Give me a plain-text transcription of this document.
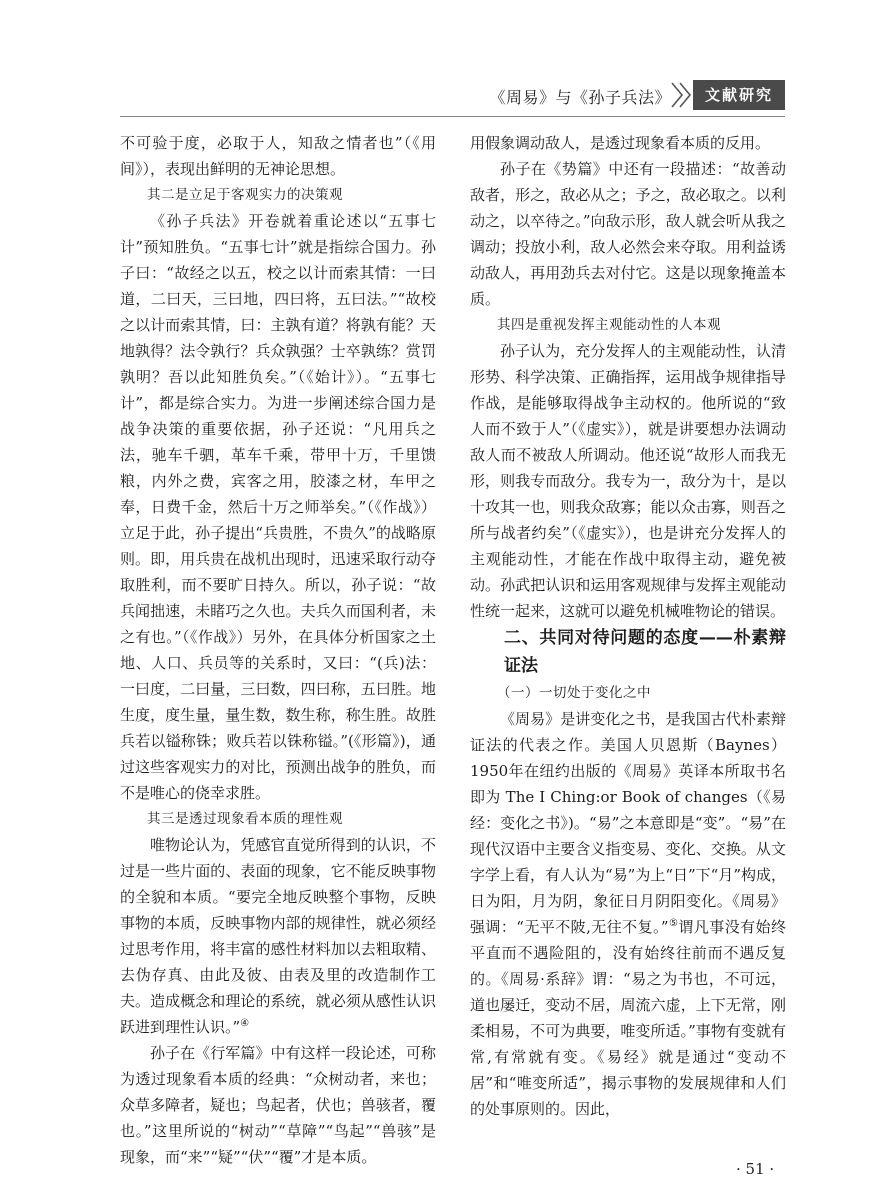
《周易》与《孙子兵法》	文献研究

不可验于度，必取于人，知敌之情者也”（《用间》），表现出鲜明的无神论思想。

其二是立足于客观实力的决策观

《孙子兵法》开卷就着重论述以“五事七计”预知胜负。“五事七计”就是指综合国力。孙子曰：“故经之以五，校之以计而索其情：一曰道，二曰天，三曰地，四曰将，五曰法。”“故校之以计而索其情，曰：主孰有道？将孰有能？天地孰得？法令孰行？兵众孰强？士卒孰练？赏罚孰明？吾以此知胜负矣。”（《始计》）。“五事七计”，都是综合实力。为进一步阐述综合国力是战争决策的重要依据，孙子还说：“凡用兵之法，驰车千驷，革车千乘，带甲十万，千里馈粮，内外之费，宾客之用，胶漆之材，车甲之奉，日费千金，然后十万之师举矣。”（《作战》）立足于此，孙子提出“兵贵胜，不贵久”的战略原则。即，用兵贵在战机出现时，迅速采取行动夺取胜利，而不要旷日持久。所以，孙子说：“故兵闻拙速，未睹巧之久也。夫兵久而国利者，未之有也。”（《作战》）另外，在具体分析国家之土地、人口、兵员等的关系时，又曰：“(兵)法：一曰度，二曰量，三曰数，四曰称，五曰胜。地生度，度生量，量生数，数生称，称生胜。故胜兵若以镒称铢；败兵若以铢称镒。”(《形篇》)，通过这些客观实力的对比，预测出战争的胜负，而不是唯心的侥幸求胜。

其三是透过现象看本质的理性观

唯物论认为，凭感官直觉所得到的认识，不过是一些片面的、表面的现象，它不能反映事物的全貌和本质。“要完全地反映整个事物，反映事物的本质，反映事物内部的规律性，就必须经过思考作用，将丰富的感性材料加以去粗取精、去伪存真、由此及彼、由表及里的改造制作工夫。造成概念和理论的系统，就必须从感性认识跃进到理性认识。”④

孙子在《行军篇》中有这样一段论述，可称为透过现象看本质的经典：“众树动者，来也；众草多障者，疑也；鸟起者，伏也；兽骇者，覆也。”这里所说的“树动”“草障”“鸟起”“兽骇”是现象，而“来”“疑”“伏”“覆”才是本质。

用假象调动敌人，是透过现象看本质的反用。

孙子在《势篇》中还有一段描述：“故善动敌者，形之，敌必从之；予之，敌必取之。以利动之，以卒待之。”向敌示形，敌人就会听从我之调动；投放小利，敌人必然会来夺取。用利益诱动敌人，再用劲兵去对付它。这是以现象掩盖本质。

其四是重视发挥主观能动性的人本观

孙子认为，充分发挥人的主观能动性，认清形势、科学决策、正确指挥，运用战争规律指导作战，是能够取得战争主动权的。他所说的“致人而不致于人”（《虚实》），就是讲要想办法调动敌人而不被敌人所调动。他还说“故形人而我无形，则我专而敌分。我专为一，敌分为十，是以十攻其一也，则我众敌寡；能以众击寡，则吾之所与战者约矣”（《虚实》），也是讲充分发挥人的主观能动性，才能在作战中取得主动，避免被动。孙武把认识和运用客观规律与发挥主观能动性统一起来，这就可以避免机械唯物论的错误。

二、共同对待问题的态度——朴素辩证法

（一）一切处于变化之中

《周易》是讲变化之书，是我国古代朴素辩证法的代表之作。美国人贝恩斯（Baynes）1950年在纽约出版的《周易》英译本所取书名即为 The I Ching:or Book of changes（《易经：变化之书》)。“易”之本意即是“变”。“易”在现代汉语中主要含义指变易、变化、交换。从文字学上看，有人认为“易”为上“日”下“月”构成，日为阳，月为阴，象征日月阴阳变化。《周易》强调：“无平不陂,无往不复。”⑤谓凡事没有始终平直而不遇险阻的，没有始终往前而不遇反复的。《周易·系辞》谓：“易之为书也，不可远，道也屡迁，变动不居，周流六虚，上下无常，刚柔相易，不可为典要，唯变所适。”事物有变就有常,有常就有变。《易经》就是通过“变动不居”和“唯变所适”，揭示事物的发展规律和人们的处事原则的。因此，

· 51 ·
